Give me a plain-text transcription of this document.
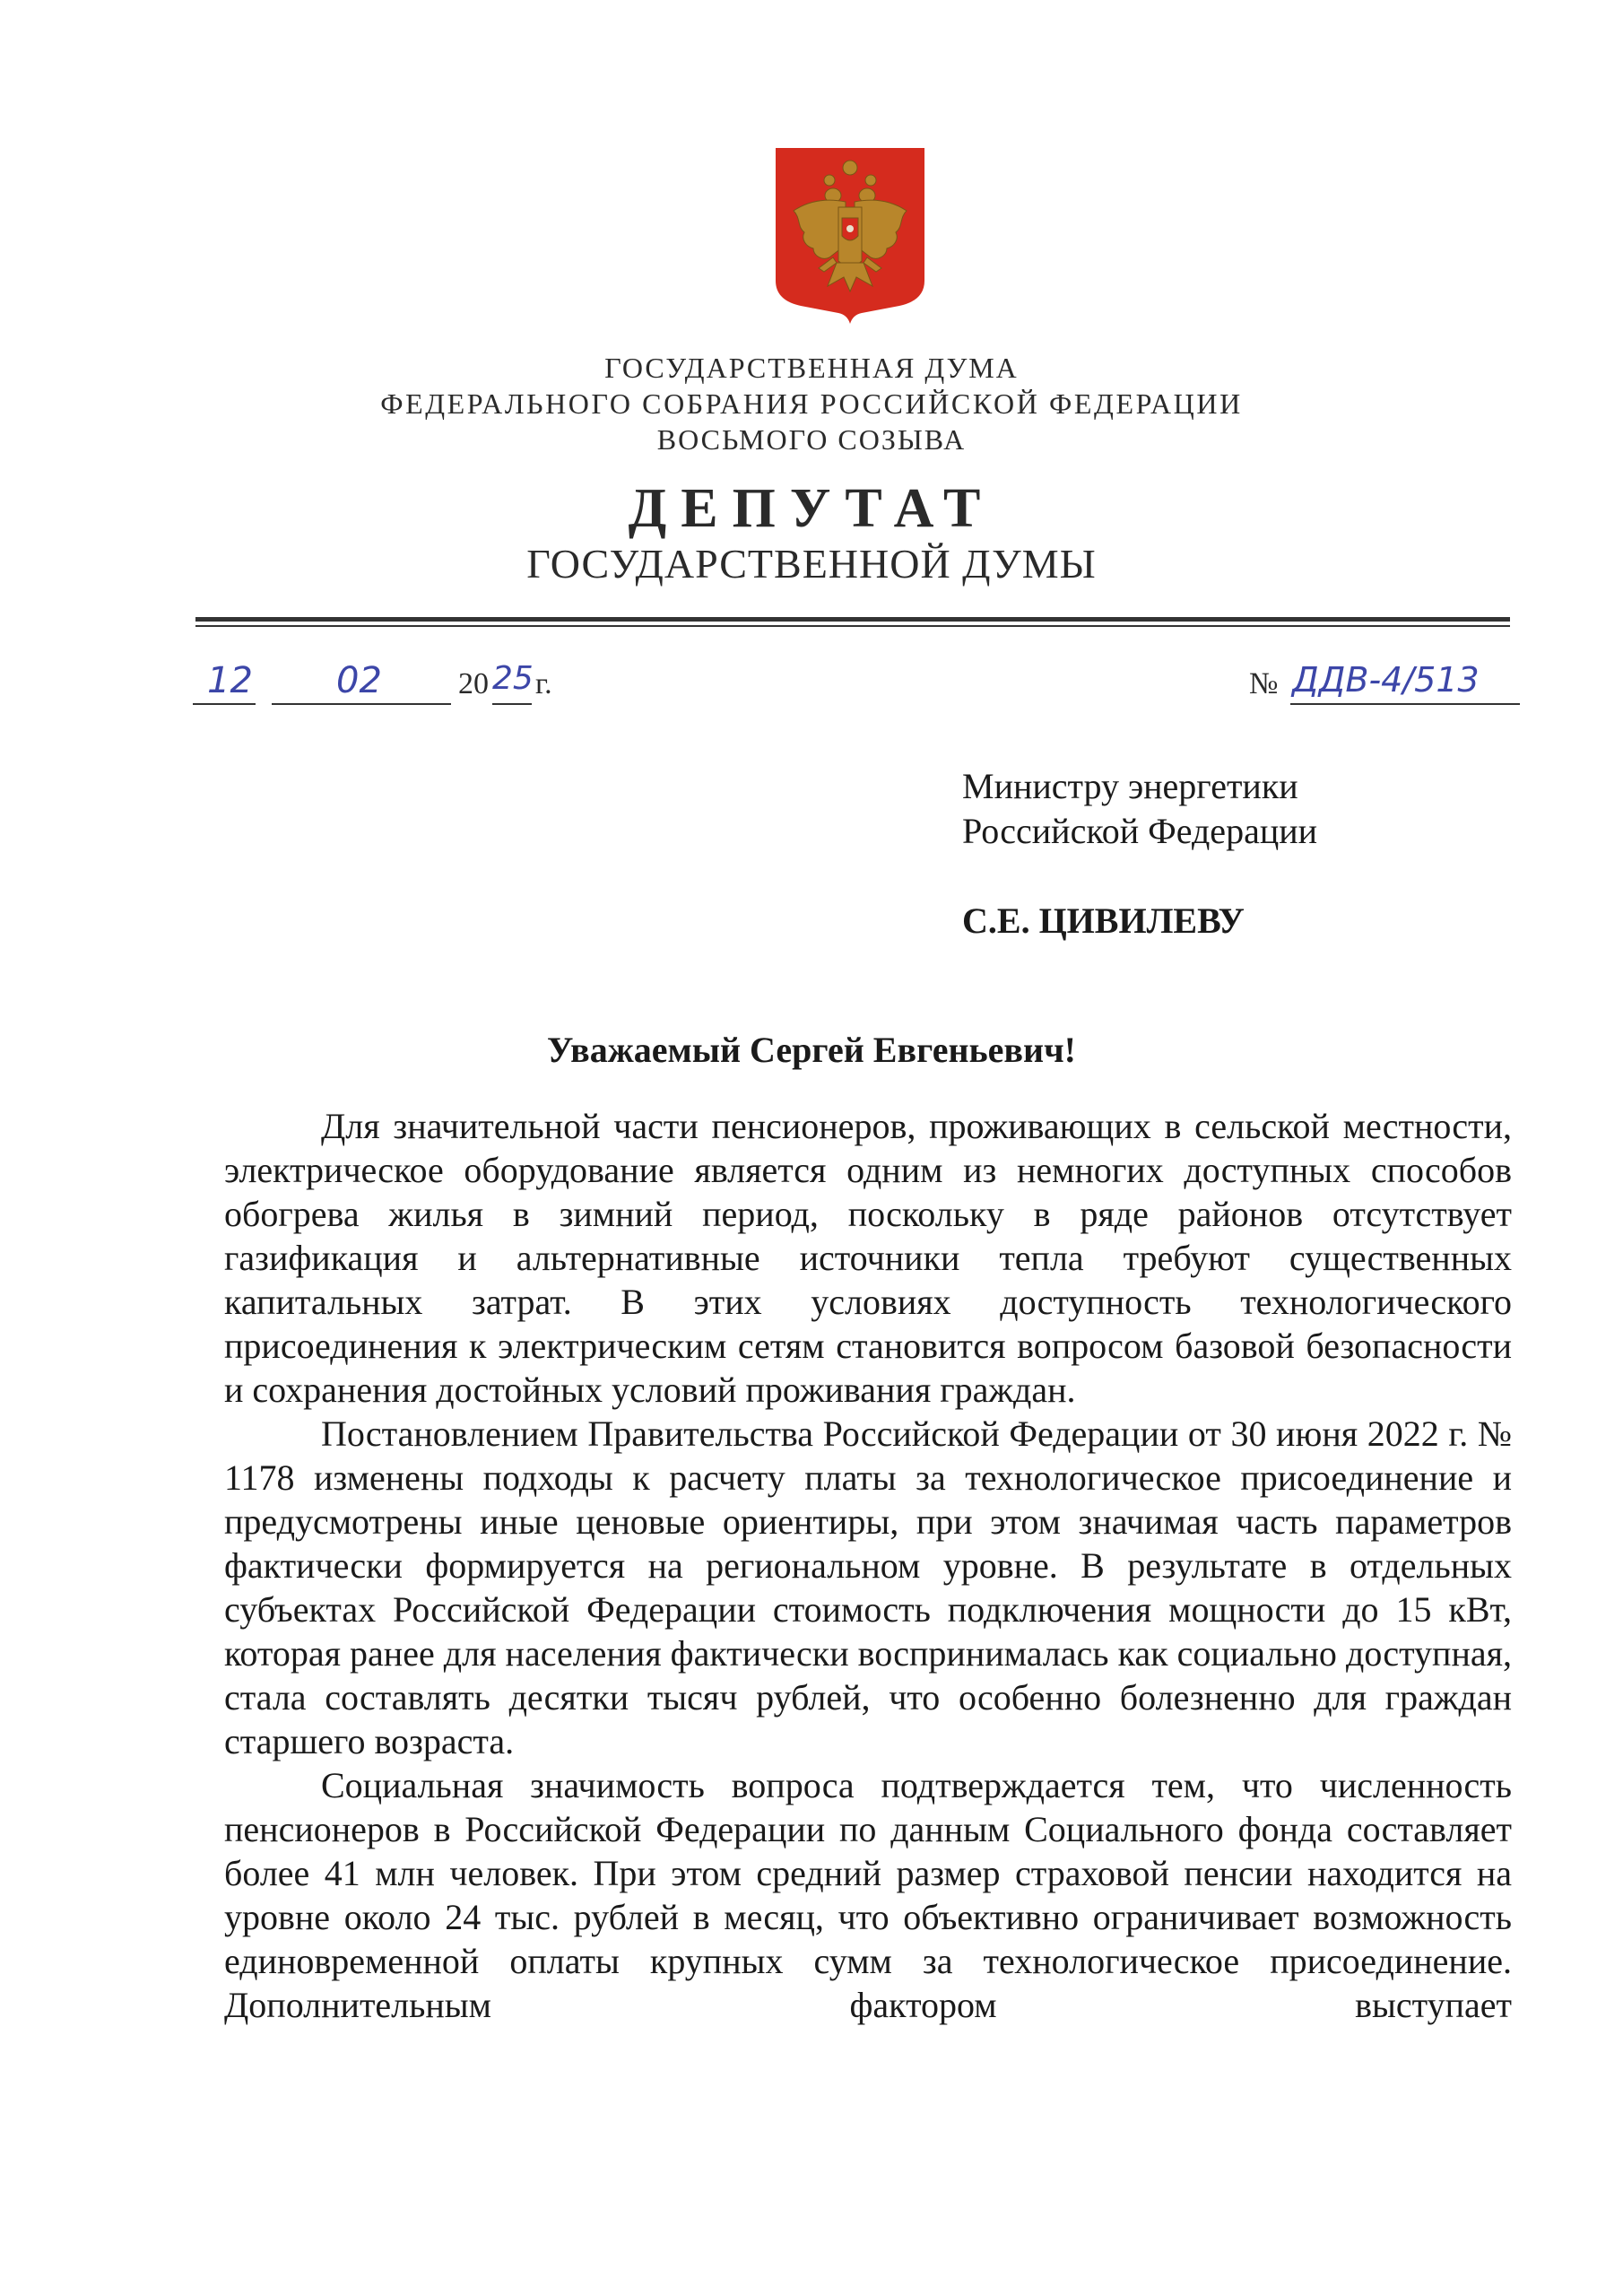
ГОСУДАРСТВЕННАЯ ДУМА
ФЕДЕРАЛЬНОГО СОБРАНИЯ РОССИЙСКОЙ ФЕДЕРАЦИИ
ВОСЬМОГО СОЗЫВА
ДЕПУТАТ
ГОСУДАРСТВЕННОЙ ДУМЫ
12 02	20 25 г.	№ ДДВ-4/513
Министру энергетики
Российской Федерации
С.Е. ЦИВИЛЕВУ
Уважаемый Сергей Евгеньевич!

Для значительной части пенсионеров, проживающих в сельской местности, электрическое оборудование является одним из немногих доступных способов обогрева жилья в зимний период, поскольку в ряде районов отсутствует газификация и альтернативные источники тепла требуют существенных капитальных затрат. В этих условиях доступность технологического присоединения к электрическим сетям становится вопросом базовой безопасности и сохранения достойных условий проживания граждан.

Постановлением Правительства Российской Федерации от 30 июня 2022 г. № 1178 изменены подходы к расчету платы за технологическое присоединение и предусмотрены иные ценовые ориентиры, при этом значимая часть параметров фактически формируется на региональном уровне. В результате в отдельных субъектах Российской Федерации стоимость подключения мощности до 15 кВт, которая ранее для населения фактически воспринималась как социально доступная, стала составлять десятки тысяч рублей, что особенно болезненно для граждан старшего возраста.

Социальная значимость вопроса подтверждается тем, что численность пенсионеров в Российской Федерации по данным Социального фонда составляет более 41 млн человек. При этом средний размер страховой пенсии находится на уровне около 24 тыс. рублей в месяц, что объективно ограничивает возможность единовременной оплаты крупных сумм за технологическое присоединение. Дополнительным фактором выступает
